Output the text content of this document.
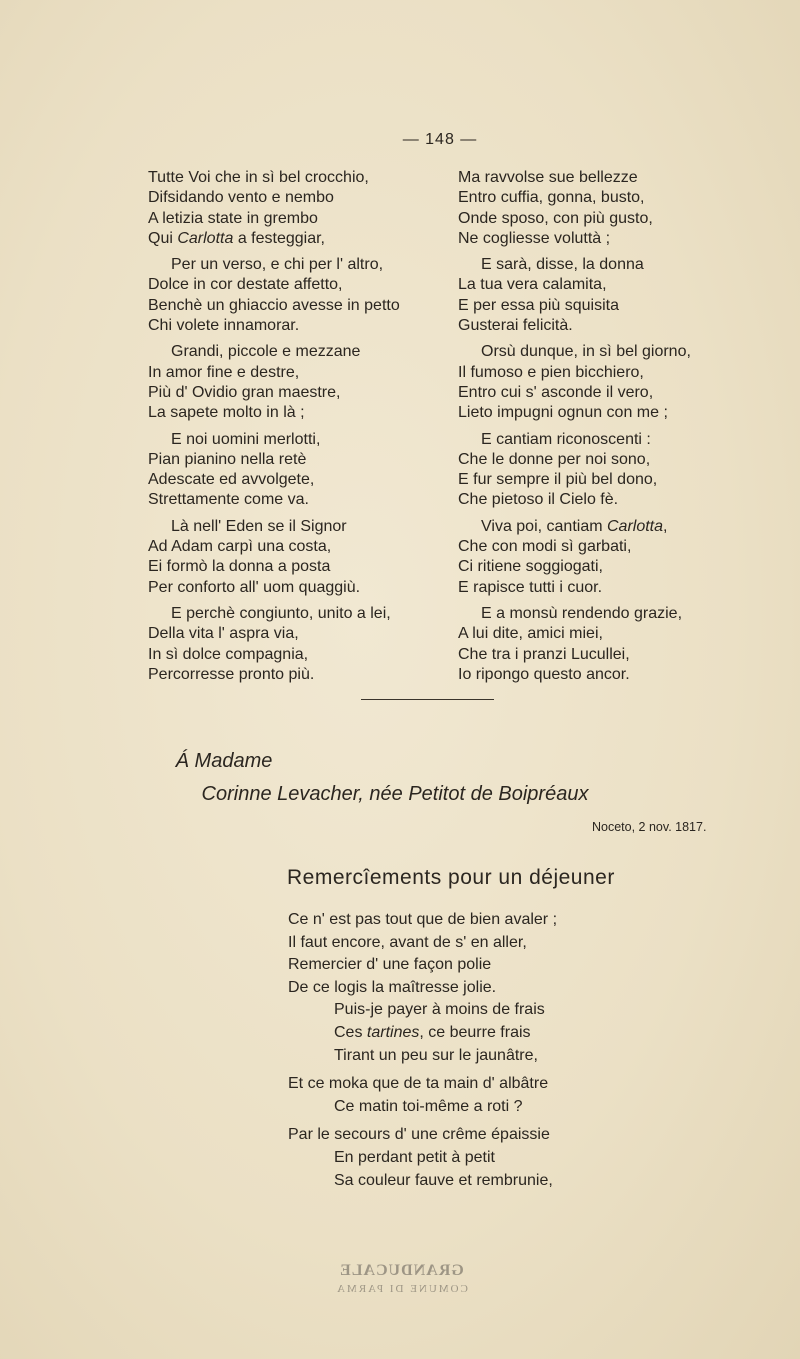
— 148 —
Tutte Voi che in sì bel crocchio,
Difsidando vento e nembo
A letizia state in grembo
Qui Carlotta a festeggiar,
Per un verso, e chi per l' altro,
Dolce in cor destate affetto,
Benchè un ghiaccio avesse in petto
Chi volete innamorar.
Grandi, piccole e mezzane
In amor fine e destre,
Più d' Ovidio gran maestre,
La sapete molto in là ;
E noi uomini merlotti,
Pian pianino nella retè
Adescate ed avvolgete,
Strettamente come va.
Là nell' Eden se il Signor
Ad Adam carpì una costa,
Ei formò la donna a posta
Per conforto all' uom quaggiù.
E perchè congiunto, unito a lei,
Della vita l' aspra via,
In sì dolce compagnia,
Percorresse pronto più.
Ma ravvolse sue bellezze
Entro cuffia, gonna, busto,
Onde sposo, con più gusto,
Ne cogliesse voluttà ;
E sarà, disse, la donna
La tua vera calamita,
E per essa più squisita
Gusterai felicità.
Orsù dunque, in sì bel giorno,
Il fumoso e pien bicchiero,
Entro cui s' asconde il vero,
Lieto impugni ognun con me ;
E cantiam riconoscenti :
Che le donne per noi sono,
E fur sempre il più bel dono,
Che pietoso il Cielo fè.
Viva poi, cantiam Carlotta,
Che con modi sì garbati,
Ci ritiene soggiogati,
E rapisce tutti i cuor.
E a monsù rendendo grazie,
A lui dite, amici miei,
Che tra i pranzi Lucullei,
Io ripongo questo ancor.
Á Madame
Corinne Levacher, née Petitot de Boipréaux
Noceto, 2 nov. 1817.
Remercîements pour un déjeuner
Ce n' est pas tout que de bien avaler ;
Il faut encore, avant de s' en aller,
Remercier d' une façon polie
De ce logis la maîtresse jolie.
Puis-je payer à moins de frais
Ces tartines, ce beurre frais
Tirant un peu sur le jaunâtre,
Et ce moka que de ta main d' albâtre
Ce matin toi-même a roti ?
Par le secours d' une crême épaissie
En perdant petit à petit
Sa couleur fauve et rembrunie,
GRANDUCALE
COMUNE DI PARMA
